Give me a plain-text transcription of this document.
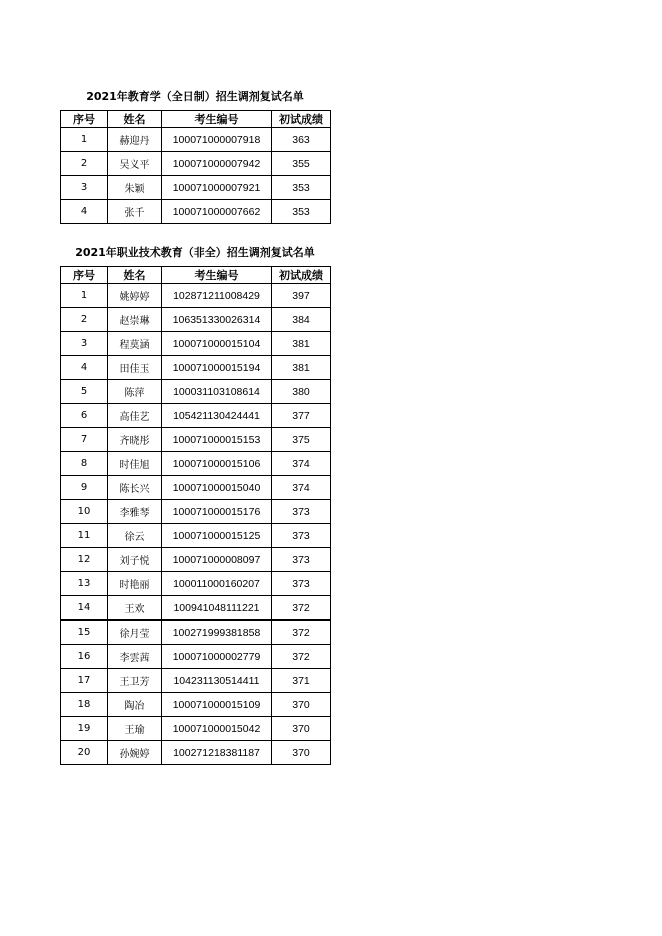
2021年教育学（全日制）招生调剂复试名单
序号	姓名	考生编号	初试成绩
1	赫迎丹	100071000007918	363
2	吴义平	100071000007942	355
3	朱颖	100071000007921	353
4	张千	100071000007662	353
2021年职业技术教育（非全）招生调剂复试名单
序号	姓名	考生编号	初试成绩
1	姚婷婷	102871211008429	397
2	赵崇琳	106351330026314	384
3	程莫涵	100071000015104	381
4	田佳玉	100071000015194	381
5	陈萍	100031103108614	380
6	高佳艺	105421130424441	377
7	齐晓彤	100071000015153	375
8	时佳旭	100071000015106	374
9	陈长兴	100071000015040	374
10	李雅琴	100071000015176	373
11	徐云	100071000015125	373
12	刘子悦	100071000008097	373
13	时艳丽	100011000160207	373
14	王欢	100941048111221	372
15	徐月莹	100271999381858	372
16	李雲茜	100071000002779	372
17	王卫芳	104231130514411	371
18	陶冶	100071000015109	370
19	王瑜	100071000015042	370
20	孙婉婷	100271218381187	370
